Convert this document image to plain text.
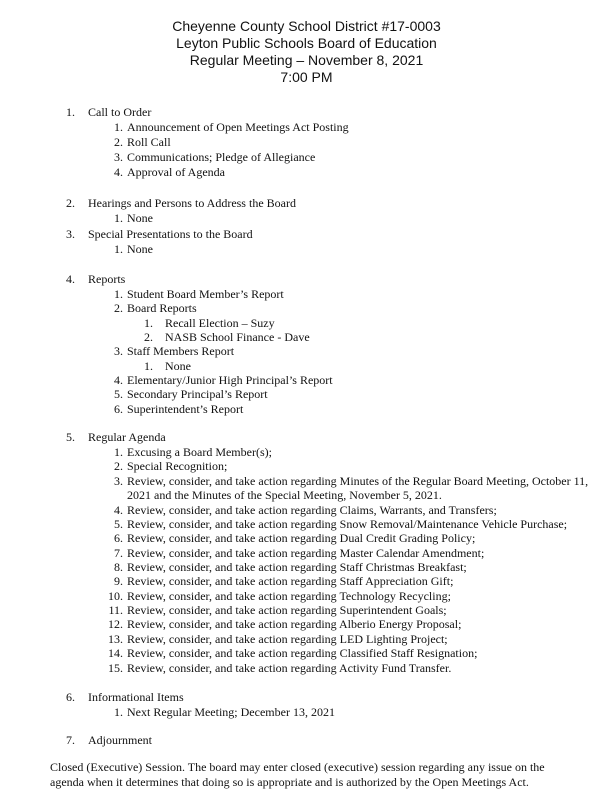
Cheyenne County School District #17-0003
Leyton Public Schools Board of Education
Regular Meeting – November 8, 2021
7:00 PM
1.	Call to Order
1. Announcement of Open Meetings Act Posting
2. Roll Call
3. Communications; Pledge of Allegiance
4. Approval of Agenda
2.	Hearings and Persons to Address the Board
1. None
3.	Special Presentations to the Board
1. None
4.	Reports
1. Student Board Member’s Report
2. Board Reports
1. Recall Election – Suzy
2. NASB School Finance - Dave
3. Staff Members Report
1. None
4. Elementary/Junior High Principal’s Report
5. Secondary Principal’s Report
6. Superintendent’s Report
5.	Regular Agenda
1. Excusing a Board Member(s);
2. Special Recognition;
3. Review, consider, and take action regarding Minutes of the Regular Board Meeting, October 11,
2021 and the Minutes of the Special Meeting, November 5, 2021.
4. Review, consider, and take action regarding Claims, Warrants, and Transfers;
5. Review, consider, and take action regarding Snow Removal/Maintenance Vehicle Purchase;
6. Review, consider, and take action regarding Dual Credit Grading Policy;
7. Review, consider, and take action regarding Master Calendar Amendment;
8. Review, consider, and take action regarding Staff Christmas Breakfast;
9. Review, consider, and take action regarding Staff Appreciation Gift;
10. Review, consider, and take action regarding Technology Recycling;
11. Review, consider, and take action regarding Superintendent Goals;
12. Review, consider, and take action regarding Alberio Energy Proposal;
13. Review, consider, and take action regarding LED Lighting Project;
14. Review, consider, and take action regarding Classified Staff Resignation;
15. Review, consider, and take action regarding Activity Fund Transfer.
6.	Informational Items
1. Next Regular Meeting; December 13, 2021
7.	Adjournment
Closed (Executive) Session. The board may enter closed (executive) session regarding any issue on the agenda when it determines that doing so is appropriate and is authorized by the Open Meetings Act.
